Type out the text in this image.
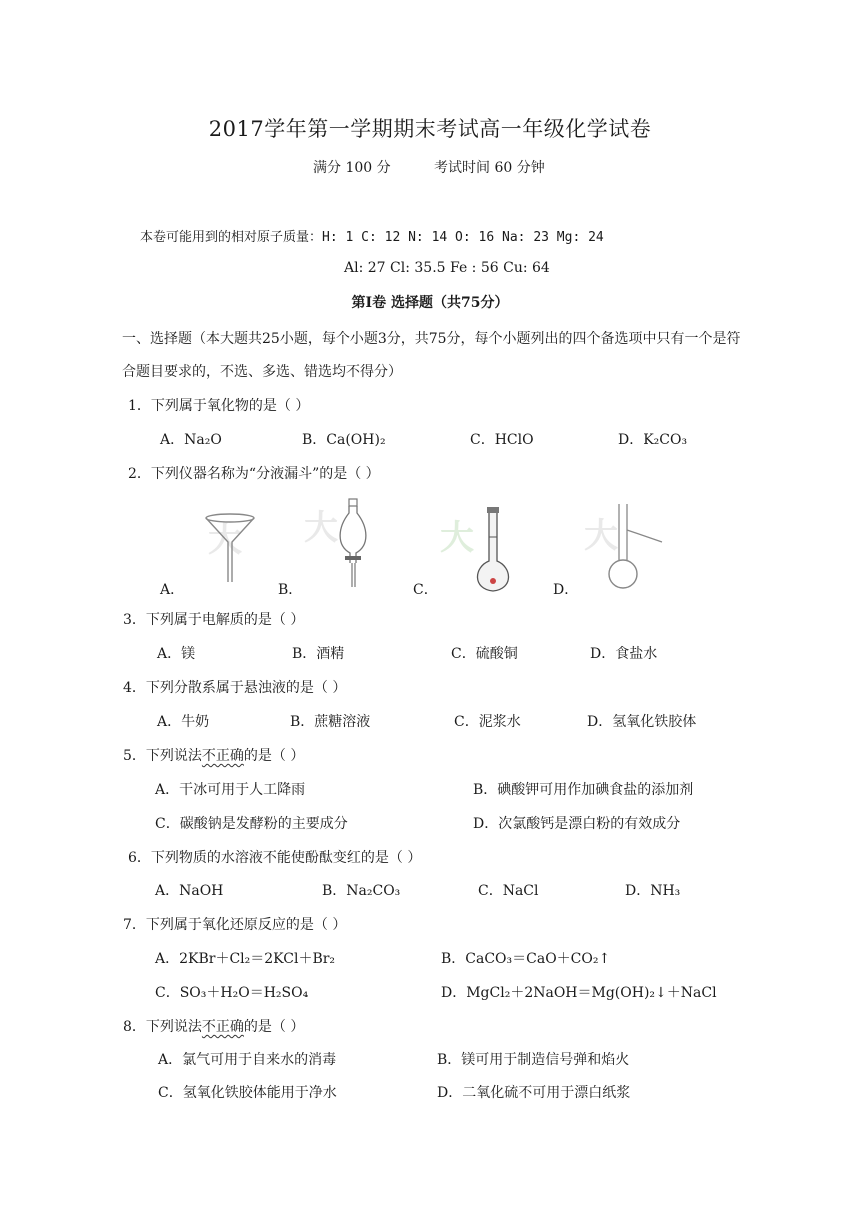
2017学年第一学期期末考试高一年级化学试卷
满分 100 分	考试时间 60 分钟
本卷可能用到的相对原子质量：H: 1 C: 12 N: 14 O: 16 Na: 23 Mg: 24
Al: 27 Cl: 35.5 Fe : 56 Cu: 64
第Ⅰ卷 选择题（共75分）
一、选择题（本大题共25小题，每个小题3分，共75分，每个小题列出的四个备选项中只有一个是符
合题目要求的，不选、多选、错选均不得分）
1．下列属于氧化物的是（ ）
A．Na₂O	B．Ca(OH)₂	C．HClO	D．K₂CO₃
2．下列仪器名称为“分液漏斗”的是（ ）
大 大	大	大
A．	B．	C．	D．
3．下列属于电解质的是（ ）
A．镁	B．酒精	C．硫酸铜	D．食盐水
4．下列分散系属于悬浊液的是（ ）
A．牛奶	B．蔗糖溶液	C．泥浆水	D．氢氧化铁胶体
5．下列说法不正确的是（ ）
A．干冰可用于人工降雨	B．碘酸钾可用作加碘食盐的添加剂
C．碳酸钠是发酵粉的主要成分	D．次氯酸钙是漂白粉的有效成分
6．下列物质的水溶液不能使酚酞变红的是（ ）
A．NaOH	B．Na₂CO₃	C．NaCl	D．NH₃
7．下列属于氧化还原反应的是（ ）
A．2KBr＋Cl₂＝2KCl＋Br₂	B．CaCO₃＝CaO＋CO₂↑
C．SO₃＋H₂O＝H₂SO₄	D．MgCl₂＋2NaOH＝Mg(OH)₂↓＋NaCl
8．下列说法不正确的是（ ）
A．氯气可用于自来水的消毒	B．镁可用于制造信号弹和焰火
C．氢氧化铁胶体能用于净水	D．二氧化硫不可用于漂白纸浆
